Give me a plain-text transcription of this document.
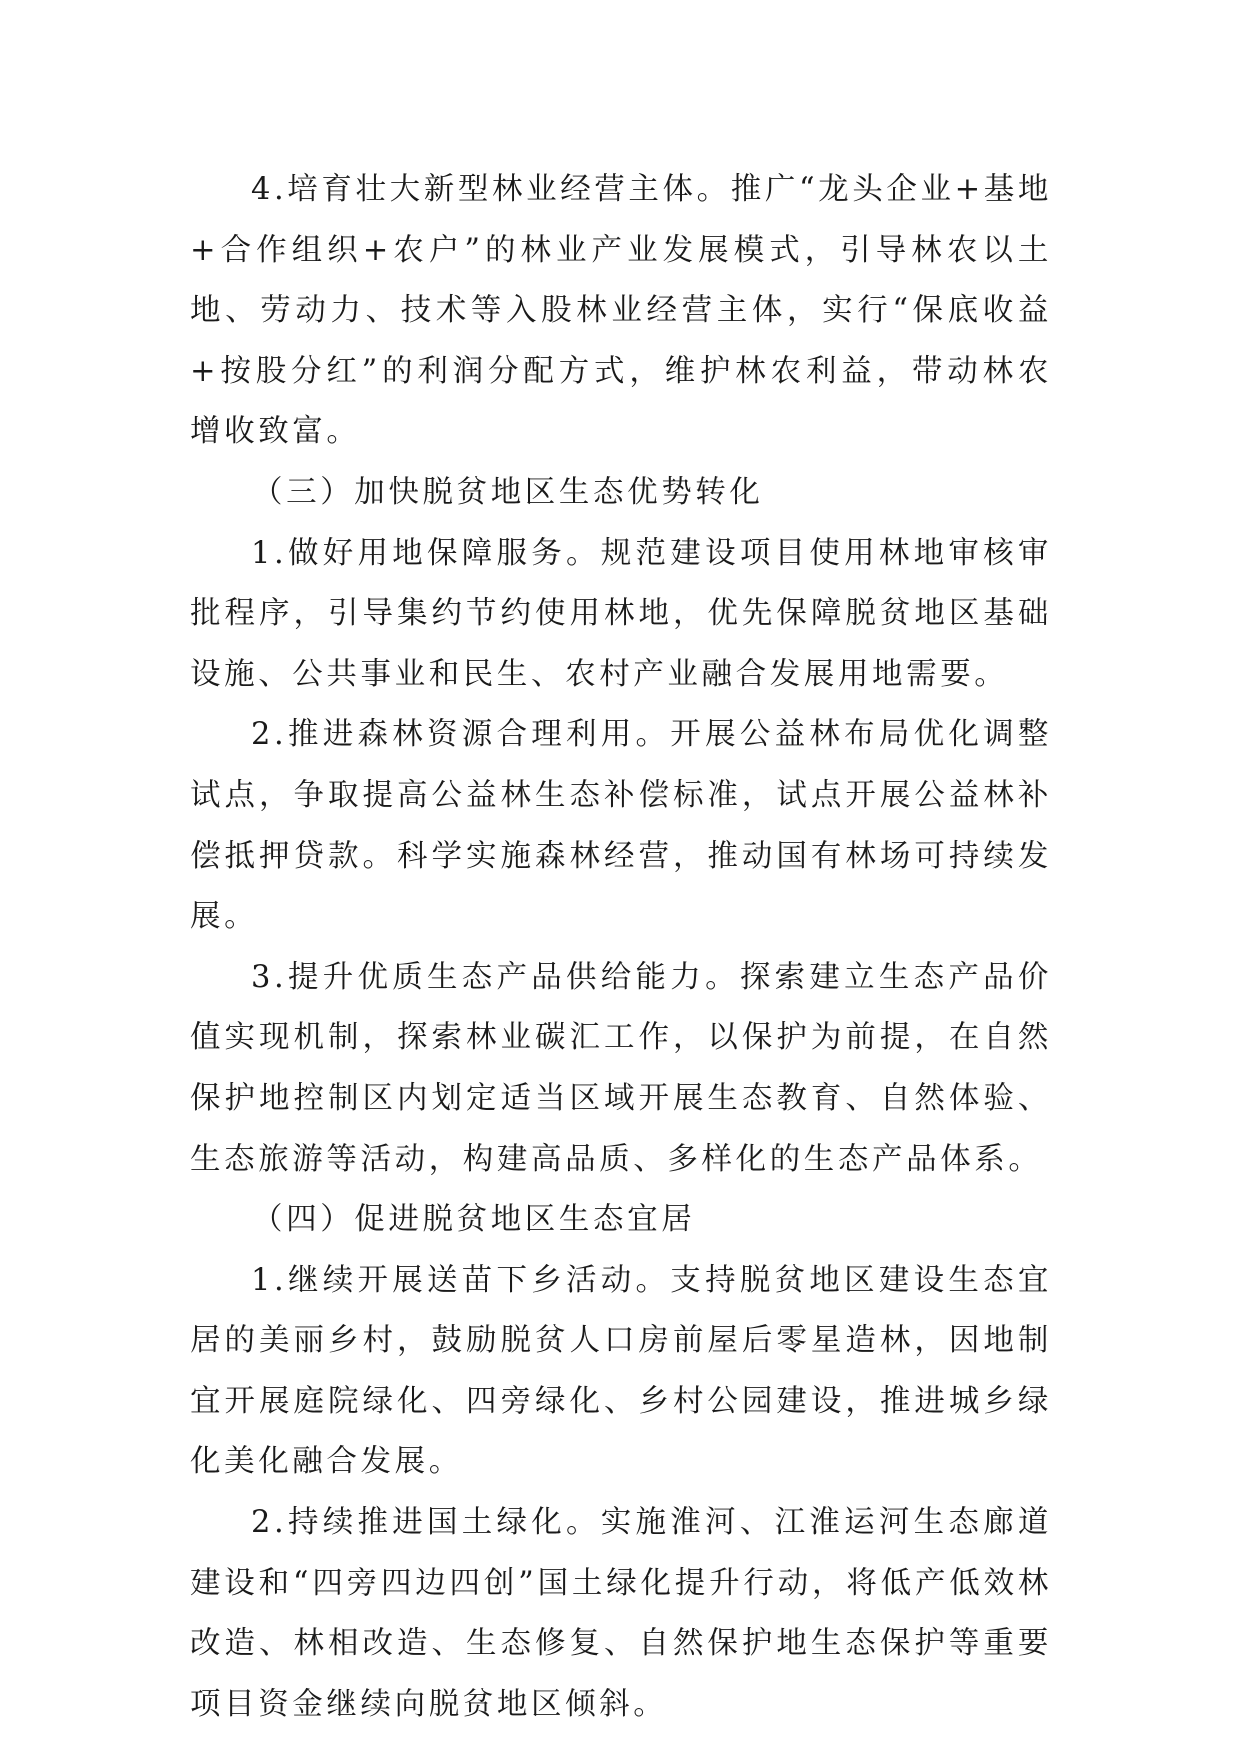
4.培育壮大新型林业经营主体。推广“龙头企业+基地+合作组织+农户”的林业产业发展模式，引导林农以土地、劳动力、技术等入股林业经营主体，实行“保底收益+按股分红”的利润分配方式，维护林农利益，带动林农增收致富。

（三）加快脱贫地区生态优势转化

1.做好用地保障服务。规范建设项目使用林地审核审批程序，引导集约节约使用林地，优先保障脱贫地区基础设施、公共事业和民生、农村产业融合发展用地需要。

2.推进森林资源合理利用。开展公益林布局优化调整试点，争取提高公益林生态补偿标准，试点开展公益林补偿抵押贷款。科学实施森林经营，推动国有林场可持续发展。

3.提升优质生态产品供给能力。探索建立生态产品价值实现机制，探索林业碳汇工作，以保护为前提，在自然保护地控制区内划定适当区域开展生态教育、自然体验、生态旅游等活动，构建高品质、多样化的生态产品体系。

（四）促进脱贫地区生态宜居

1.继续开展送苗下乡活动。支持脱贫地区建设生态宜居的美丽乡村，鼓励脱贫人口房前屋后零星造林，因地制宜开展庭院绿化、四旁绿化、乡村公园建设，推进城乡绿化美化融合发展。

2.持续推进国土绿化。实施淮河、江淮运河生态廊道建设和“四旁四边四创”国土绿化提升行动，将低产低效林改造、林相改造、生态修复、自然保护地生态保护等重要项目资金继续向脱贫地区倾斜。
